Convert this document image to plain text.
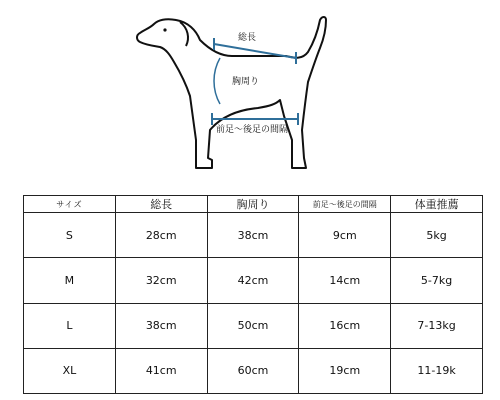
総長
胸周り
前足〜後足の間隔
サイズ	総長	胸周り	前足〜後足の間隔	体重推薦
S	28cm	38cm	9cm	5kg
M	32cm	42cm	14cm	5-7kg
L	38cm	50cm	16cm	7-13kg
XL	41cm	60cm	19cm	11-19k
